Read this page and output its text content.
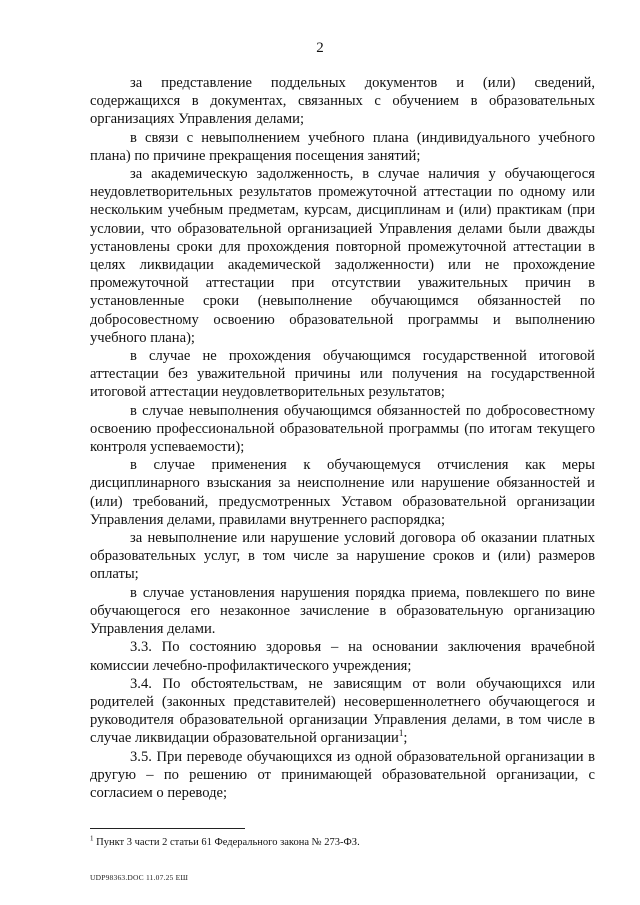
2

за представление поддельных документов и (или) сведений, содержащихся в документах, связанных с обучением в образовательных организациях Управления делами;

в связи с невыполнением учебного плана (индивидуального учебного плана) по причине прекращения посещения занятий;

за академическую задолженность, в случае наличия у обучающегося неудовлетворительных результатов промежуточной аттестации по одному или нескольким учебным предметам, курсам, дисциплинам и (или) практикам (при условии, что образовательной организацией Управления делами были дважды установлены сроки для прохождения повторной промежуточной аттестации в целях ликвидации академической задолженности) или не прохождение промежуточной аттестации при отсутствии уважительных причин в установленные сроки (невыполнение обучающимся обязанностей по добросовестному освоению образовательной программы и выполнению учебного плана);

в случае не прохождения обучающимся государственной итоговой аттестации без уважительной причины или получения на государственной итоговой аттестации неудовлетворительных результатов;

в случае невыполнения обучающимся обязанностей по добросовестному освоению профессиональной образовательной программы (по итогам текущего контроля успеваемости);

в случае применения к обучающемуся отчисления как меры дисциплинарного взыскания за неисполнение или нарушение обязанностей и (или) требований, предусмотренных Уставом образовательной организации Управления делами, правилами внутреннего распорядка;

за невыполнение или нарушение условий договора об оказании платных образовательных услуг, в том числе за нарушение сроков и (или) размеров оплаты;

в случае установления нарушения порядка приема, повлекшего по вине обучающегося его незаконное зачисление в образовательную организацию Управления делами.

3.3. По состоянию здоровья – на основании заключения врачебной комиссии лечебно-профилактического учреждения;

3.4. По обстоятельствам, не зависящим от воли обучающихся или родителей (законных представителей) несовершеннолетнего обучающегося и руководителя образовательной организации Управления делами, в том числе в случае ликвидации образовательной организации$^1$;

3.5. При переводе обучающихся из одной образовательной организации в другую – по решению от принимающей образовательной организации, с согласием о переводе;

$^1$ Пункт 3 части 2 статьи 61 Федерального закона № 273-ФЗ.
UDP98363.DOC 11.07.25 ЕШ
